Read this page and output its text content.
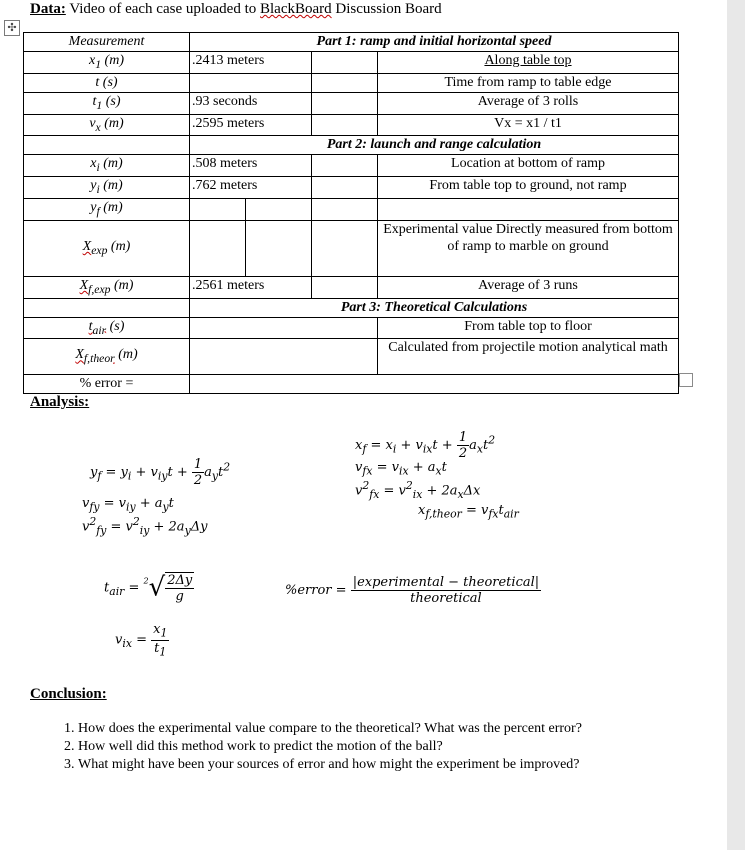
✣
Data: Video of each case uploaded to BlackBoard Discussion Board
Measurement	Part 1: ramp and initial horizontal speed			
$x_1$ (m)	.2413 meters			Along table top
t (s)				Time from ramp to table edge
$t_1$ (s)	.93 seconds			Average of 3 rolls
$v_x$ (m)	.2595 meters			Vx = x1 / t1
	Part 2: launch and range calculation			
$x_i$ (m)	.508 meters			Location at bottom of ramp
$y_i$ (m)	.762 meters			From table top to ground, not ramp
$y_f$ (m)				
$X_{exp}$ (m)				Experimental value Directly measured from bottom of ramp to marble on ground
$X_{f,exp}$ (m)	.2561 meters			Average of 3 runs
	Part 3: Theoretical Calculations			
$t_{air}$ (s)				From table top to floor
$X_{f,theor}$ (m)				Calculated from projectile motion analytical math
% error =				
Analysis:
$y_f = y_i + v_{iy}t + \frac{1}{2} a_yt^2$
$v_{fy} = v_{iy} + a_yt$
$v^2_{fy} = v^2_{iy} + 2a_y\Delta y$
$x_f = x_i + v_{ix}t + \frac{1}{2} a_xt^2$
$v_{fx} = v_{ix} + a_xt$
$v^2_{fx} = v^2_{ix} + 2a_x\Delta x$
$x_{f,theor} = v_{fx}t_{air}$
$t_{air} = ^2√ \frac{2\Delta y}{g}$
$v_{ix} = \frac{x_1}{t_1}$
%error = $\frac{\text{|experimental − theoretical|}}{\text{theoretical}}$
Conclusion:
1. How does the experimental value compare to the theoretical? What was the percent error?
2. How well did this method work to predict the motion of the ball?
3. What might have been your sources of error and how might the experiment be improved?
